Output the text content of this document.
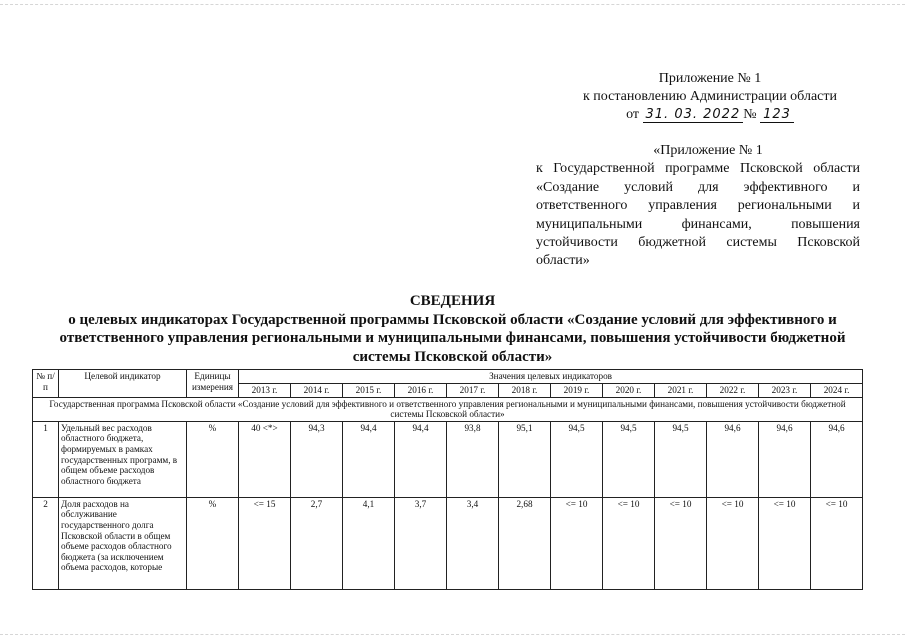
Приложение № 1
к постановлению Администрации области
от 31. 03. 2022 № 123
«Приложение № 1
к Государственной программе Псковской области «Создание условий для эффективного и ответственного управления региональными и муниципальными финансами, повышения устойчивости бюджетной системы Псковской области»
СВЕДЕНИЯ
о целевых индикаторах Государственной программы Псковской области «Создание условий для эффективного и ответственного управления региональными и муниципальными финансами, повышения устойчивости бюджетной системы Псковской области»
№ п/п	Целевой индикатор	Единицы измерения	Значения целевых индикаторов											
			2013 г.	2014 г.	2015 г.	2016 г.	2017 г.	2018 г.	2019 г.	2020 г.	2021 г.	2022 г.	2023 г.	2024 г.
Государственная программа Псковской области «Создание условий для эффективного и ответственного управления региональными и муниципальными финансами, повышения устойчивости бюджетной системы Псковской области»														
1	Удельный вес расходов областного бюджета, формируемых в рамках государственных программ, в общем объеме расходов областного бюджета	%	40 <*>	94,3	94,4	94,4	93,8	95,1	94,5	94,5	94,5	94,6	94,6	94,6
2	Доля расходов на обслуживание государственного долга Псковской области в общем объеме расходов областного бюджета (за исключением объема расходов, которые	%	<= 15	2,7	4,1	3,7	3,4	2,68	<= 10	<= 10	<= 10	<= 10	<= 10	<= 10
